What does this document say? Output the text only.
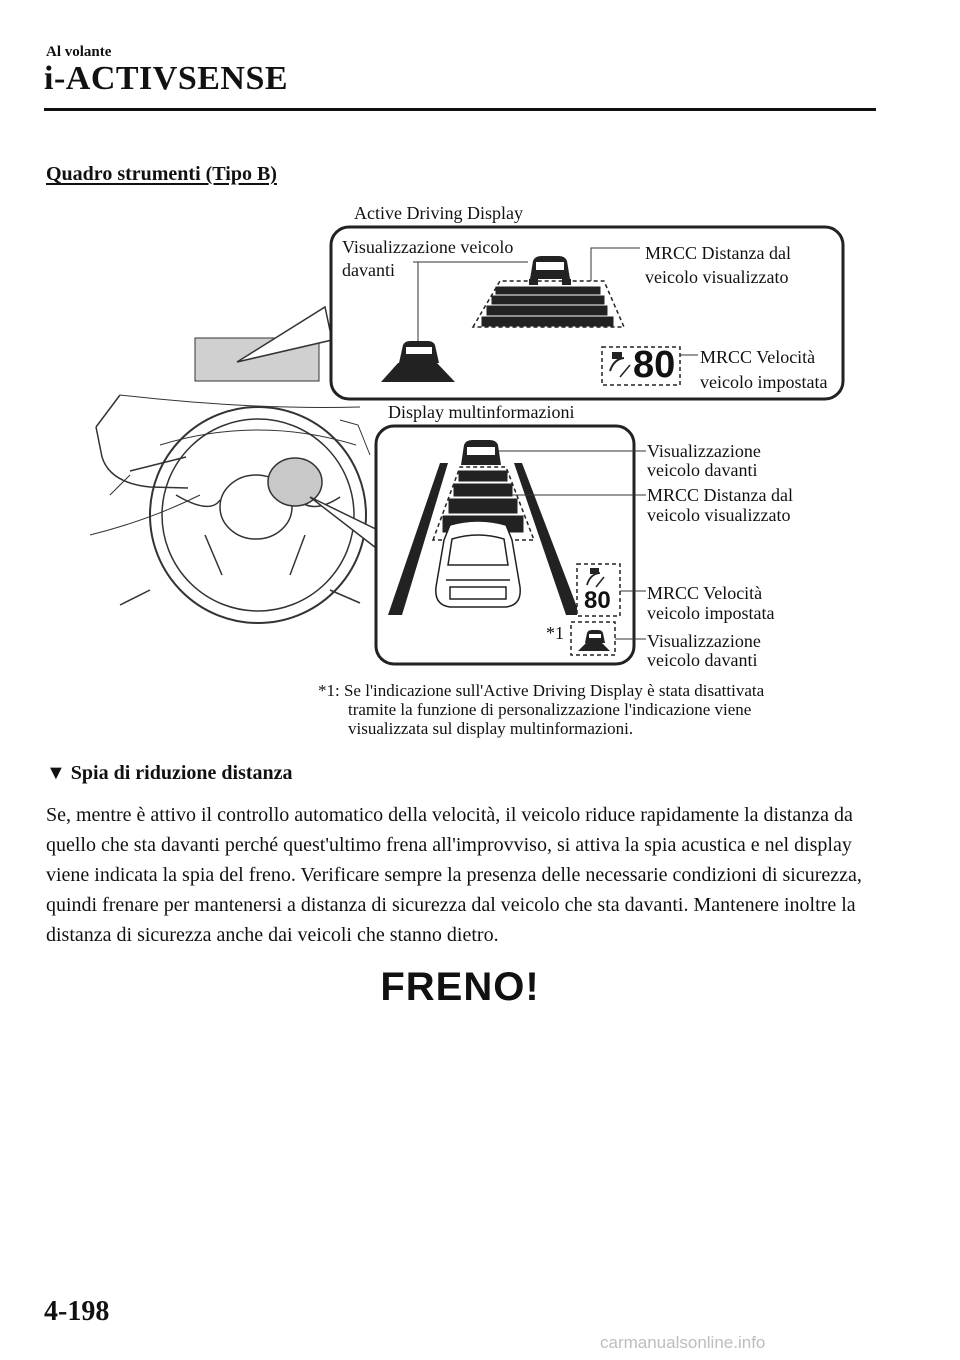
Al volante
i-ACTIVSENSE
Quadro strumenti (Tipo B)
Active Driving Display
Visualizzazione veicolo
davanti
MRCC Distanza dal
veicolo visualizzato
MRCC Velocità
veicolo impostata
80
Display multinformazioni
Visualizzazione
veicolo davanti
MRCC Distanza dal
veicolo visualizzato
MRCC Velocità
veicolo impostata
80
*1	Visualizzazione
veicolo davanti
*1: Se l'indicazione sull'Active Driving Display è stata disattivata
tramite la funzione di personalizzazione l'indicazione viene
visualizzata sul display multinformazioni.
▼ Spia di riduzione distanza
Se, mentre è attivo il controllo automatico della velocità, il veicolo riduce rapidamente la distanza da quello che sta davanti perché quest'ultimo frena all'improvviso, si attiva la spia acustica e nel display viene indicata la spia del freno. Verificare sempre la presenza delle necessarie condizioni di sicurezza, quindi frenare per mantenersi a distanza di sicurezza dal veicolo che sta davanti. Mantenere inoltre la distanza di sicurezza anche dai veicoli che stanno dietro.
FRENO!
4-198
carmanualsonline.info
